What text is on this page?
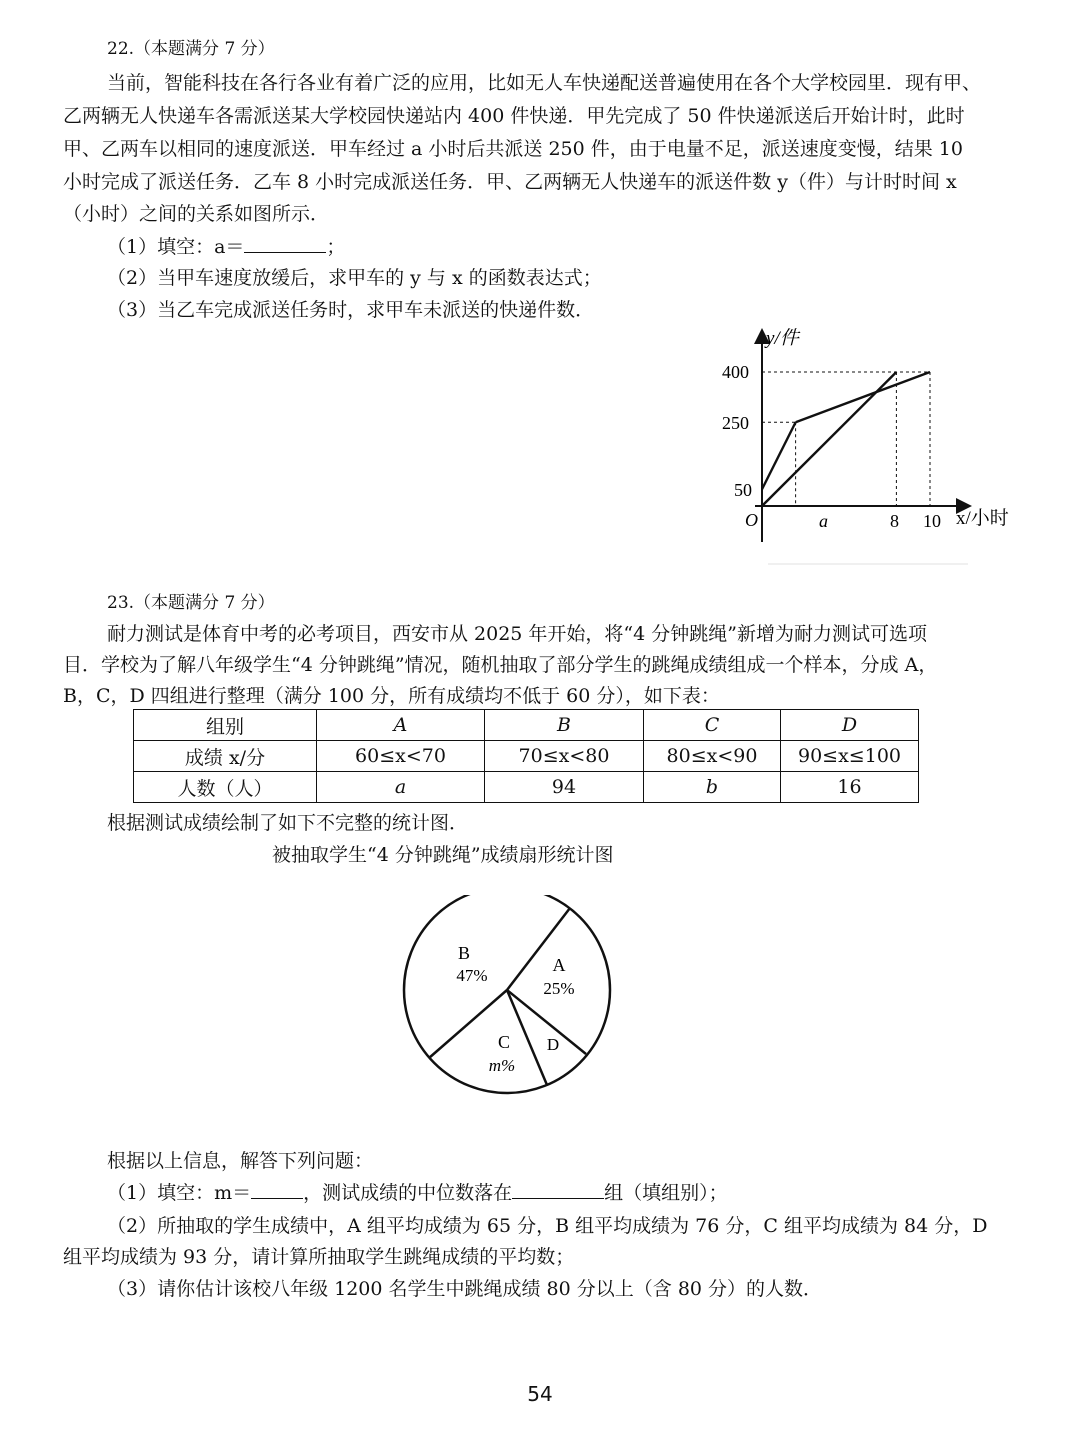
22.（本题满分 7 分）
当前，智能科技在各行各业有着广泛的应用，比如无人车快递配送普遍使用在各个大学校园里．现有甲、
乙两辆无人快递车各需派送某大学校园快递站内 400 件快递．甲先完成了 50 件快递派送后开始计时，此时
甲、乙两车以相同的速度派送．甲车经过 a 小时后共派送 250 件，由于电量不足，派送速度变慢，结果 10
小时完成了派送任务．乙车 8 小时完成派送任务．甲、乙两辆无人快递车的派送件数 y（件）与计时时间 x
（小时）之间的关系如图所示．
（1）填空：a＝	；
（2）当甲车速度放缓后，求甲车的 y 与 x 的函数表达式；
（3）当乙车完成派送任务时，求甲车未派送的快递件数．
y/件
x/小时
O
400
250
50
a	8 10
23.（本题满分 7 分）
耐力测试是体育中考的必考项目，西安市从 2025 年开始，将“4 分钟跳绳”新增为耐力测试可选项
目．学校为了解八年级学生“4 分钟跳绳”情况，随机抽取了部分学生的跳绳成绩组成一个样本，分成 A，
B，C，D 四组进行整理（满分 100 分，所有成绩均不低于 60 分），如下表：
组别	A	B	C	D
成绩 x/分	60≤x<70	70≤x<80	80≤x<90	90≤x≤100
人数（人）	a	94	b	16
根据测试成绩绘制了如下不完整的统计图．
被抽取学生“4 分钟跳绳”成绩扇形统计图
B
47%
A
25%
C
m%
D
根据以上信息，解答下列问题：
（1）填空：m＝	，测试成绩的中位数落在	组（填组别）；
（2）所抽取的学生成绩中，A 组平均成绩为 65 分，B 组平均成绩为 76 分，C 组平均成绩为 84 分，D
组平均成绩为 93 分，请计算所抽取学生跳绳成绩的平均数；
（3）请你估计该校八年级 1200 名学生中跳绳成绩 80 分以上（含 80 分）的人数．
54
